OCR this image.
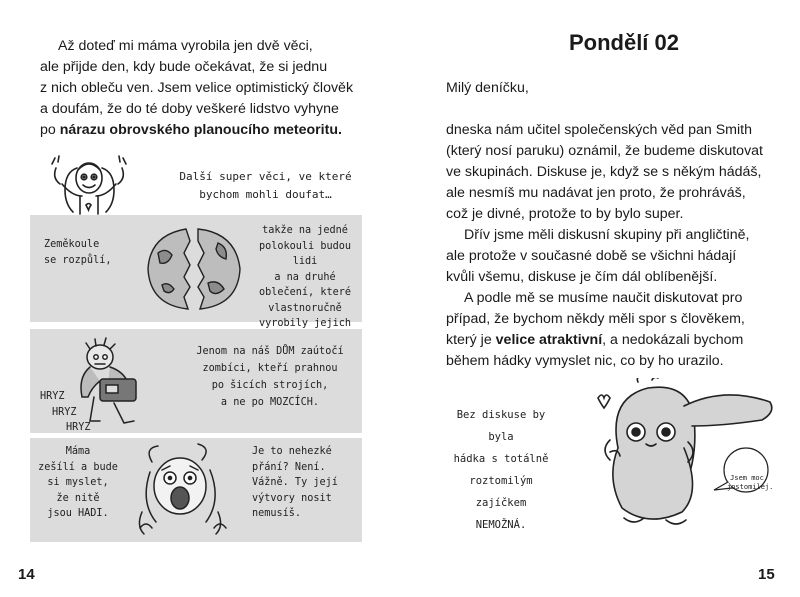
Až doteď mi máma vyrobila jen dvě věci,

ale přijde den, kdy bude očekávat, že si jednu
z nich obleču ven. Jsem velice optimistický člověk
a doufám, že do té doby veškeré lidstvo vyhyne
po nárazu obrovského planoucího meteoritu.
Další super věci, ve které
bychom mohli doufat…
Zeměkoule
se rozpůlí,
takže na jedné
polokouli budou lidi
a na druhé
oblečení, které
vlastnoručně
vyrobily jejich
HRYZ
HRYZ
HRYZ
Jenom na náš DŮM zaútočí
zombíci, kteří prahnou
po šicích strojích,
a ne po MOZCÍCH.
Máma
zešílí a bude
si myslet,
že nitě
jsou HADI.
Je to nehezké
přání? Není.
Vážně. Ty její
výtvory nosit
nemusíš.
14
Pondělí 02

Milý deníčku,

dneska nám učitel společenských věd pan Smith

(který nosí paruku) oznámil, že budeme diskutovat

ve skupinách. Diskuse je, když se s někým hádáš,

ale nesmíš mu nadávat jen proto, že prohráváš,

což je divné, protože to by bylo super.

Dřív jsme měli diskusní skupiny při angličtině,

ale protože v současné době se všichni hádají

kvůli všemu, diskuse je čím dál oblíbenější.

A podle mě se musíme naučit diskutovat pro

případ, že bychom někdy měli spor s člověkem,

který je velice atraktivní, a nedokázali bychom

během hádky vymyslet nic, co by ho urazilo.

Bez diskuse by byla
hádka s totálně
roztomilým zajíčkem
NEMOŽNÁ.
Jsem moc
jostomilej.
15
